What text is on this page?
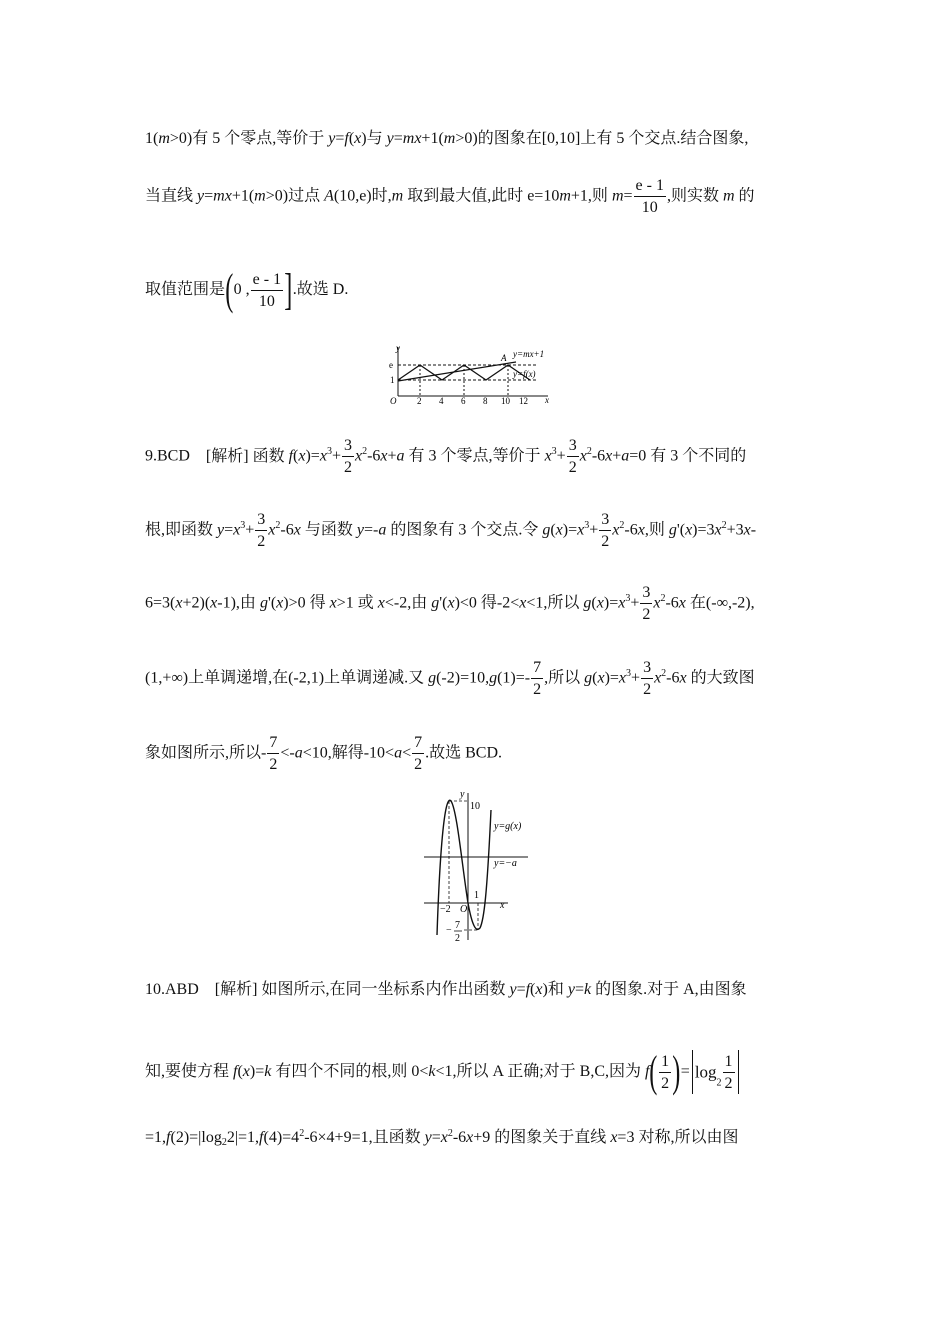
1(m>0)有 5 个零点,等价于 y=f(x)与 y=mx+1(m>0)的图象在[0,10]上有 5 个交点.结合图象,
当直线 y=mx+1(m>0)过点 A(10,e)时,m 取到最大值,此时 e=10m+1,则 $m= \frac{e - 1}{10}$ ,则实数 m 的
取值范围是(0 , $\frac{e - 1}{10}$ ].故选 D.
y
e
1
O 2 4 6 8 10 12 x
A y=mx+1
y=f(x)
9.BCD [解析] 函数 $f(x)=x^3+ \frac{3}{2} x^2-6x+a$ 有 3 个零点,等价于 $x^3+ \frac{3}{2} x^2-6x+a=0$ 有 3 个不同的
根,即函数 $y=x^3+ \frac{3}{2} x^2-6x$ 与函数 y=-a 的图象有 3 个交点.令 $g(x)=x^3+ \frac{3}{2} x^2-6x$,则 $g'(x)=3x^2+3x-$
6=3(x+2)(x-1),由 g'(x)>0 得 x>1 或 x<-2,由 g'(x)<0 得-2<x<1,所以 $g(x)=x^3+ \frac{3}{2} x^2-6x$ 在(-∞,-2),
(1,+∞)上单调递增,在(-2,1)上单调递减.又 $g(-2)=10,g(1)=- \frac{7}{2}$ ,所以 $g(x)=x^3+ \frac{3}{2} x^2-6x$ 的大致图
象如图所示,所以- $\frac{7}{2} <-a<10$,解得$-10<a< \frac{7}{2}$ .故选 BCD.
y
10
y=g(x)
y=−a
x
−2 O
1
− 7
2
10.ABD [解析] 如图所示,在同一坐标系内作出函数 y=f(x)和 y=k 的图象.对于 A,由图象
知,要使方程 f(x)=k 有四个不同的根,则 0<k<1,所以 A 正确;对于 B,C,因为 $f( \frac{1}{2}$ )= $\log_2 \frac{1}{2}$
$=1,f(2)=|\log_22|=1,f(4)=4^2-6\times 4+9=1$,且函数 $y=x^2-6x+9$ 的图象关于直线 x=3 对称,所以由图
